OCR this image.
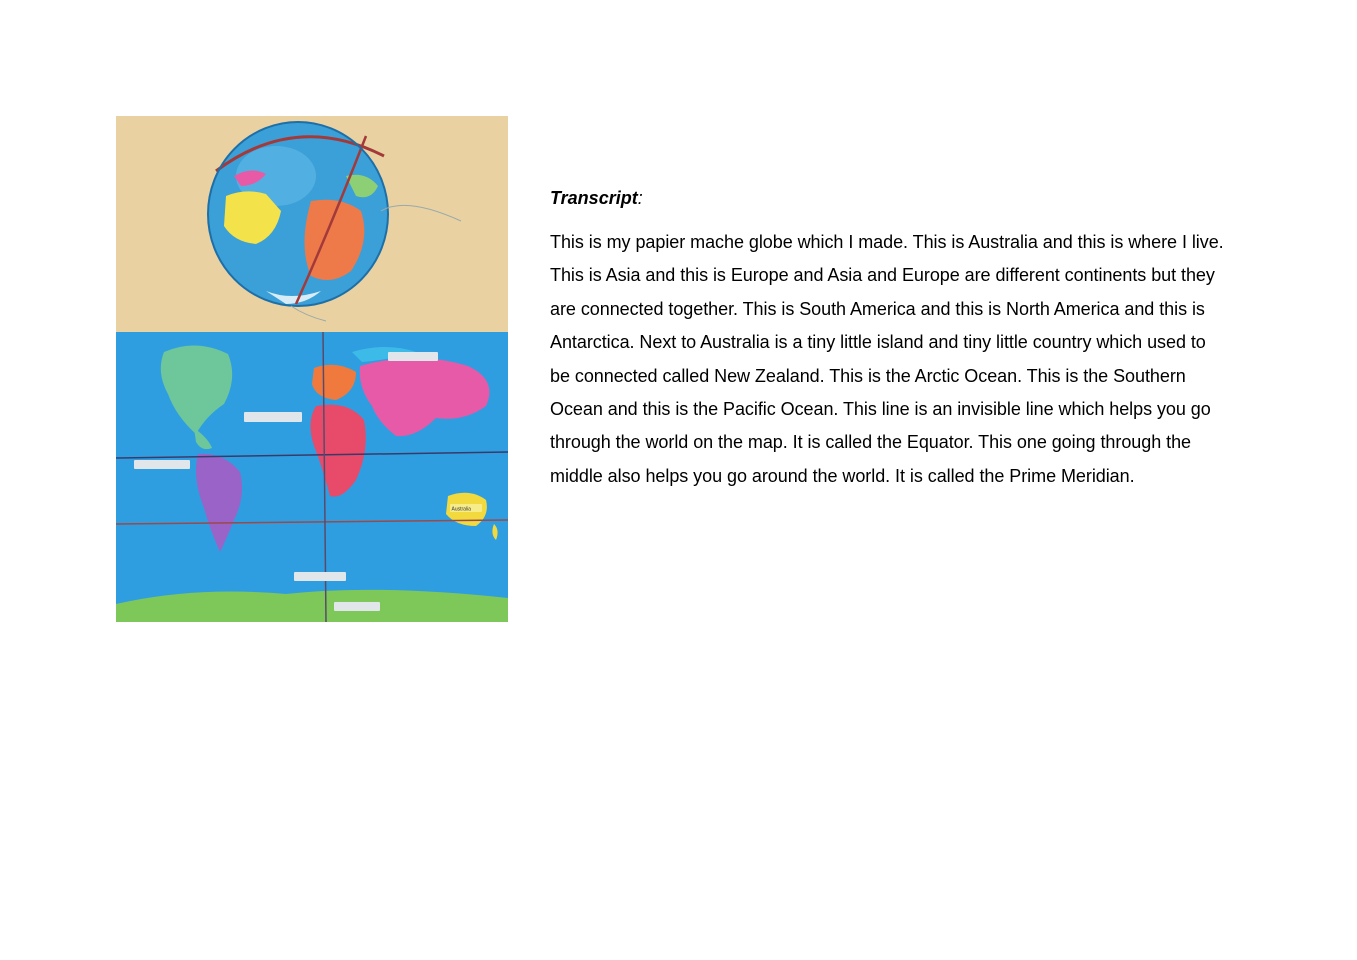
Australia
Transcript:

This is my papier mache globe which I made. This is Australia and this is where I live. This is Asia and this is Europe and Asia and Europe are different continents but they are connected together. This is South America and this is North America and this is Antarctica. Next to Australia is a tiny little island and tiny little country which used to be connected called New Zealand. This is the Arctic Ocean. This is the Southern Ocean and this is the Pacific Ocean. This line is an invisible line which helps you go through the world on the map. It is called the Equator. This one going through the middle also helps you go around the world. It is called the Prime Meridian.
